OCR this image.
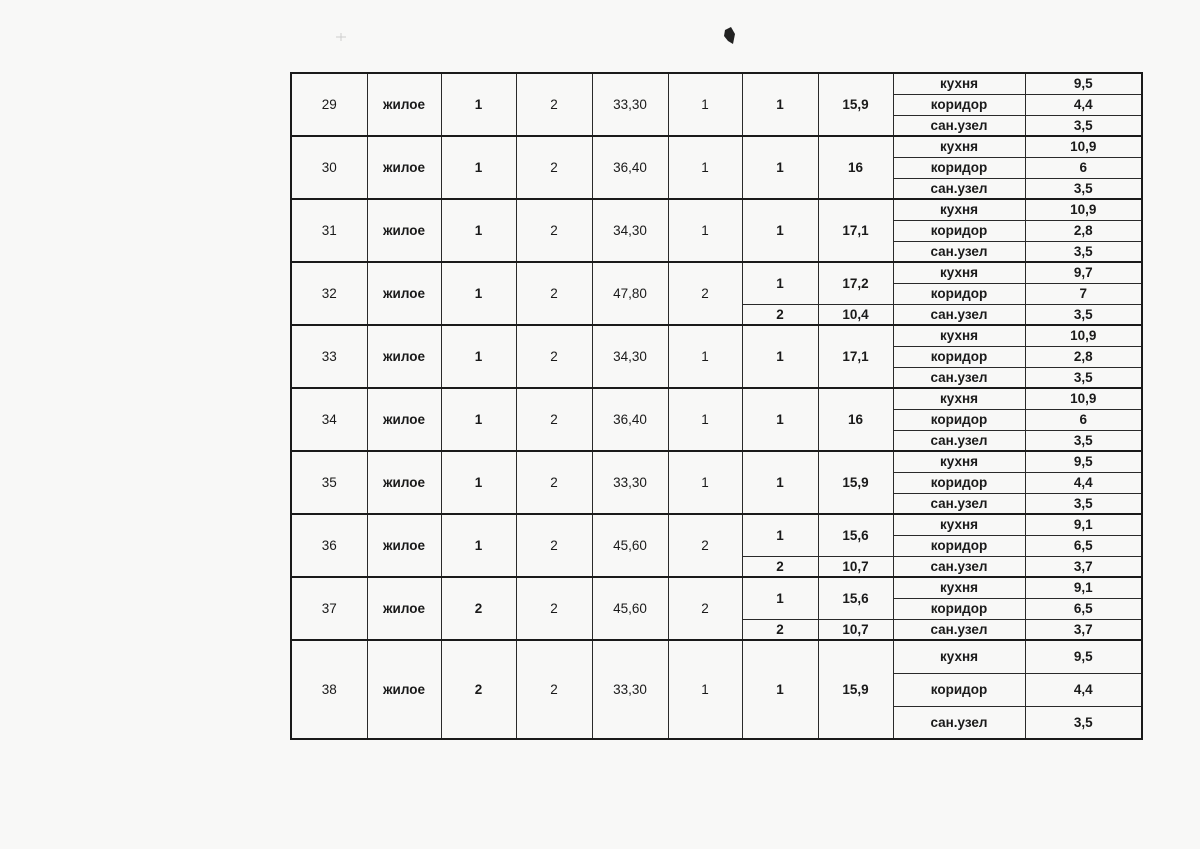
29	жилое	1	2	33,30	1	1	15,9	кухня	9,5
								коридор	4,4
								сан.узел	3,5
30	жилое	1	2	36,40	1	1	16	кухня	10,9
								коридор	6
								сан.узел	3,5
31	жилое	1	2	34,30	1	1	17,1	кухня	10,9
								коридор	2,8
								сан.узел	3,5
32	жилое	1	2	47,80	2	1	17,2	кухня	9,7
								коридор	7
						2	10,4	сан.узел	3,5
33	жилое	1	2	34,30	1	1	17,1	кухня	10,9
								коридор	2,8
								сан.узел	3,5
34	жилое	1	2	36,40	1	1	16	кухня	10,9
								коридор	6
								сан.узел	3,5
35	жилое	1	2	33,30	1	1	15,9	кухня	9,5
								коридор	4,4
								сан.узел	3,5
36	жилое	1	2	45,60	2	1	15,6	кухня	9,1
								коридор	6,5
						2	10,7	сан.узел	3,7
37	жилое	2	2	45,60	2	1	15,6	кухня	9,1
								коридор	6,5
						2	10,7	сан.узел	3,7
38	жилое	2	2	33,30	1	1	15,9	кухня	9,5
								коридор	4,4
								сан.узел	3,5
